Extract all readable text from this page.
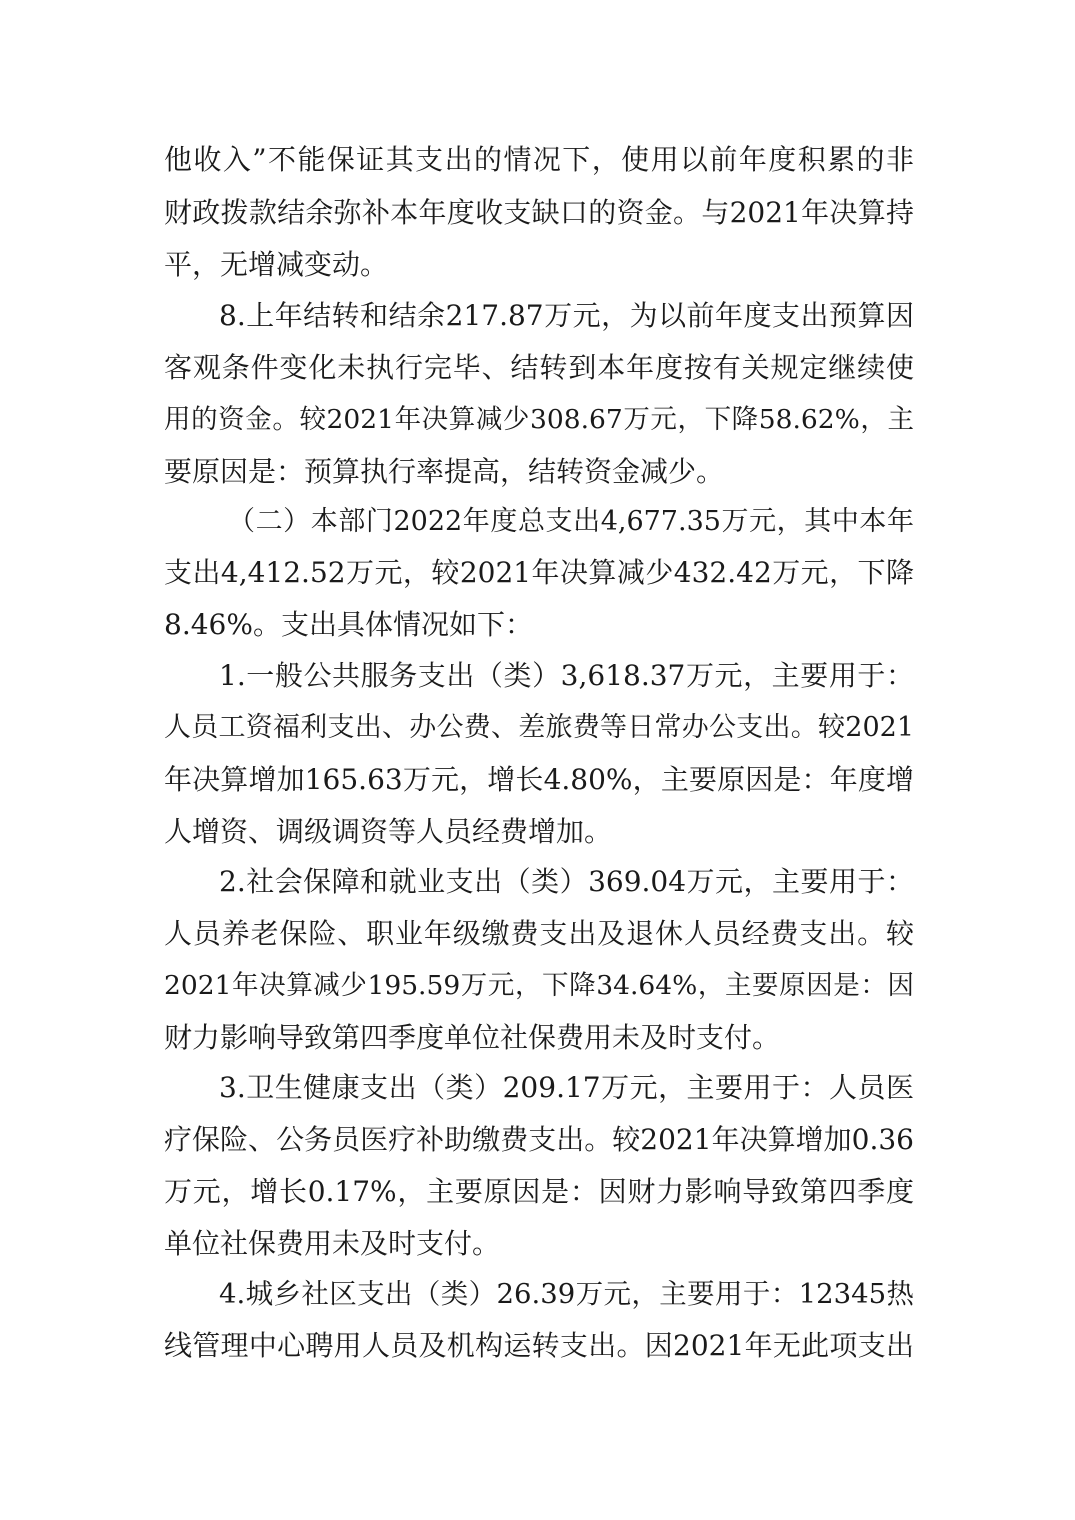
他收入”不能保证其支出的情况下，使用以前年度积累的非
财政拨款结余弥补本年度收支缺口的资金。与2021年决算持
平，无增减变动。
8.上年结转和结余217.87万元，为以前年度支出预算因
客观条件变化未执行完毕、结转到本年度按有关规定继续使
用的资金。较2021年决算减少308.67万元，下降58.62%，主
要原因是：预算执行率提高，结转资金减少。
（二）本部门2022年度总支出4,677.35万元，其中本年
支出4,412.52万元，较2021年决算减少432.42万元，下降
8.46%。支出具体情况如下：
1.一般公共服务支出（类）3,618.37万元，主要用于：
人员工资福利支出、办公费、差旅费等日常办公支出。较2021
年决算增加165.63万元，增长4.80%，主要原因是：年度增
人增资、调级调资等人员经费增加。
2.社会保障和就业支出（类）369.04万元，主要用于：
人员养老保险、职业年级缴费支出及退休人员经费支出。较
2021年决算减少195.59万元，下降34.64%，主要原因是：因
财力影响导致第四季度单位社保费用未及时支付。
3.卫生健康支出（类）209.17万元，主要用于：人员医
疗保险、公务员医疗补助缴费支出。较2021年决算增加0.36
万元，增长0.17%，主要原因是：因财力影响导致第四季度
单位社保费用未及时支付。
4.城乡社区支出（类）26.39万元，主要用于：12345热
线管理中心聘用人员及机构运转支出。因2021年无此项支出
